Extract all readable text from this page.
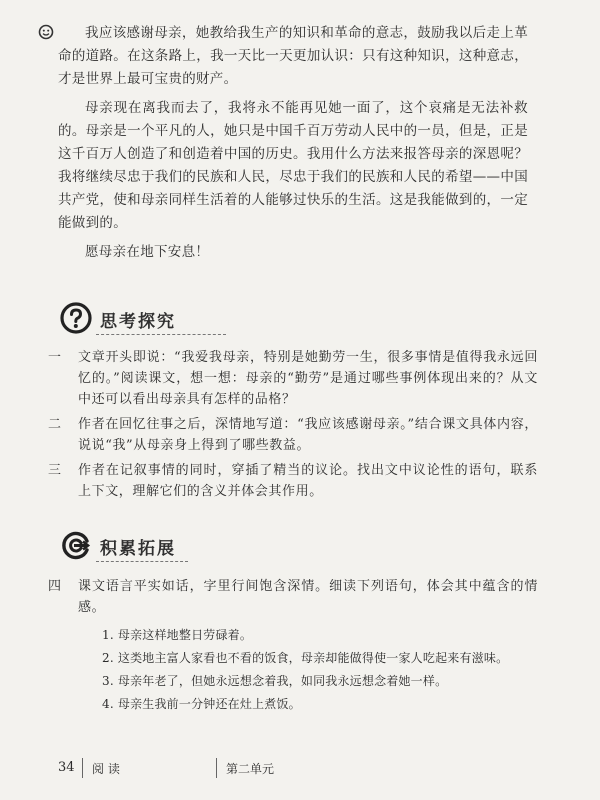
我应该感谢母亲，她教给我生产的知识和革命的意志，鼓励我以后走上革命的道路。在这条路上，我一天比一天更加认识：只有这种知识，这种意志，才是世界上最可宝贵的财产。

母亲现在离我而去了，我将永不能再见她一面了，这个哀痛是无法补救的。母亲是一个平凡的人，她只是中国千百万劳动人民中的一员，但是，正是这千百万人创造了和创造着中国的历史。我用什么方法来报答母亲的深恩呢？我将继续尽忠于我们的民族和人民，尽忠于我们的民族和人民的希望——中国共产党，使和母亲同样生活着的人能够过快乐的生活。这是我能做到的，一定能做到的。

愿母亲在地下安息！

思考探究
一 文章开头即说：“我爱我母亲，特别是她勤劳一生，很多事情是值得我永远回忆的。”阅读课文，想一想：母亲的“勤劳”是通过哪些事例体现出来的？从文中还可以看出母亲具有怎样的品格？
二 作者在回忆往事之后，深情地写道：“我应该感谢母亲。”结合课文具体内容，说说“我”从母亲身上得到了哪些教益。
三 作者在记叙事情的同时，穿插了精当的议论。找出文中议论性的语句，联系上下文，理解它们的含义并体会其作用。
积累拓展
四 课文语言平实如话，字里行间饱含深情。细读下列语句，体会其中蕴含的情感。
1. 母亲这样地整日劳碌着。
2. 这类地主富人家看也不看的饭食，母亲却能做得使一家人吃起来有滋味。
3. 母亲年老了，但她永远想念着我，如同我永远想念着她一样。
4. 母亲生我前一分钟还在灶上煮饭。
34 阅 读	第二单元
